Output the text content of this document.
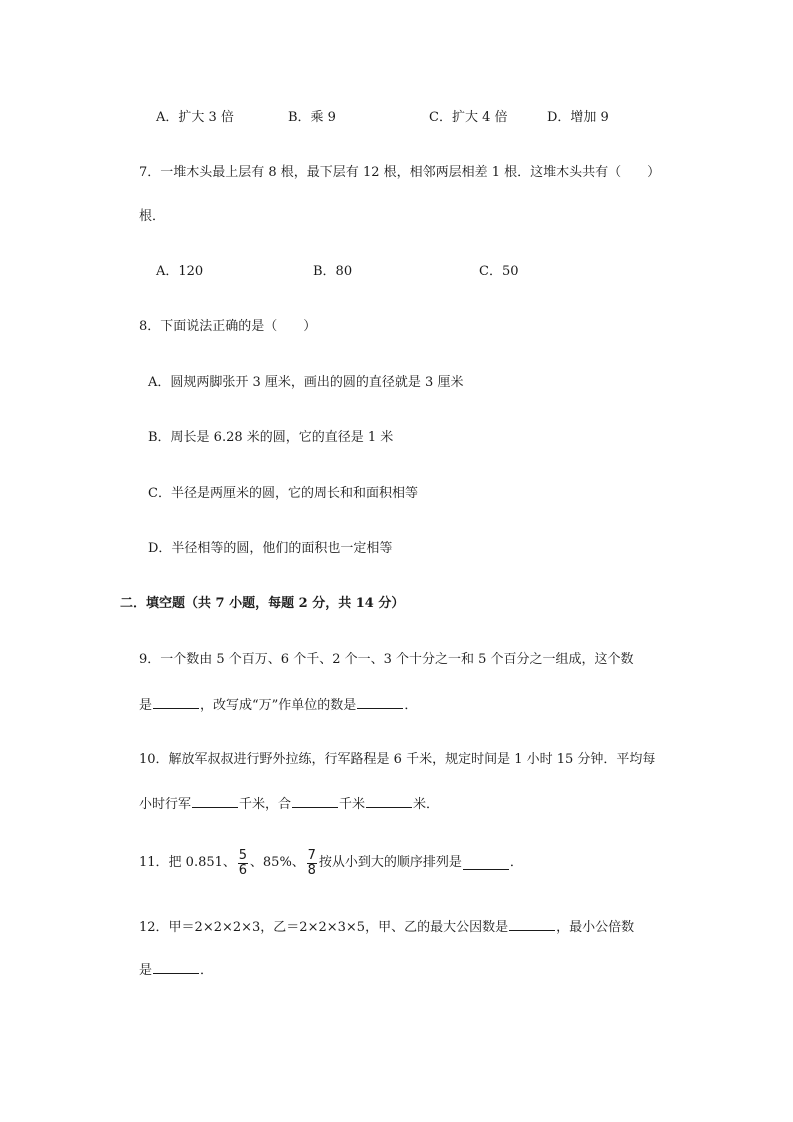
A．扩大 3 倍	B．乘 9	C．扩大 4 倍	D．增加 9
7．一堆木头最上层有 8 根，最下层有 12 根，相邻两层相差 1 根．这堆木头共有（　　）
根．
A．120	B．80	C．50
8．下面说法正确的是（　　）
A．圆规两脚张开 3 厘米，画出的圆的直径就是 3 厘米
B．周长是 6.28 米的圆，它的直径是 1 米
C．半径是两厘米的圆，它的周长和和面积相等
D．半径相等的圆，他们的面积也一定相等
二．填空题（共 7 小题，每题 2 分，共 14 分）
9．一个数由 5 个百万、6 个千、2 个一、3 个十分之一和 5 个百分之一组成，这个数
是	，改写成“万”作单位的数是	．
10．解放军叔叔进行野外拉练，行军路程是 6 千米，规定时间是 1 小时 15 分钟．平均每
小时行军	千米，合	千米	米．
11．把 0.851、 $\frac{5}{6}$ 、85%、 $\frac{7}{8}$ 按从小到大的顺序排列是	．
12．甲＝2×2×2×3，乙＝2×2×3×5，甲、乙的最大公因数是	，最小公倍数
是	．
